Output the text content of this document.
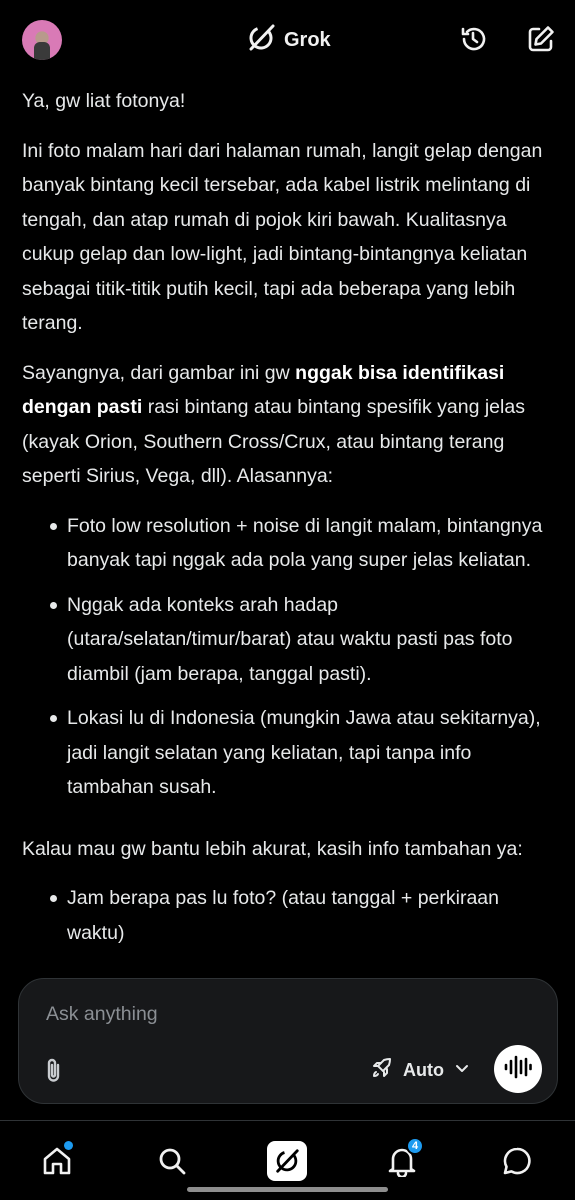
Grok

Ya, gw liat fotonya!

Ini foto malam hari dari halaman rumah, langit gelap dengan banyak bintang kecil tersebar, ada kabel listrik melintang di tengah, dan atap rumah di pojok kiri bawah. Kualitasnya cukup gelap dan low-light, jadi bintang-bintangnya keliatan sebagai titik-titik putih kecil, tapi ada beberapa yang lebih terang.

Sayangnya, dari gambar ini gw nggak bisa identifikasi dengan pasti rasi bintang atau bintang spesifik yang jelas (kayak Orion, Southern Cross/Crux, atau bintang terang seperti Sirius, Vega, dll). Alasannya:

Foto low resolution + noise di langit malam, bintangnya banyak tapi nggak ada pola yang super jelas keliatan.
Nggak ada konteks arah hadap (utara/selatan/timur/barat) atau waktu pasti pas foto diambil (jam berapa, tanggal pasti).
Lokasi lu di Indonesia (mungkin Jawa atau sekitarnya), jadi langit selatan yang keliatan, tapi tanpa info tambahan susah.

Kalau mau gw bantu lebih akurat, kasih info tambahan ya:

Jam berapa pas lu foto? (atau tanggal + perkiraan waktu)
Ask anything
Auto
4
